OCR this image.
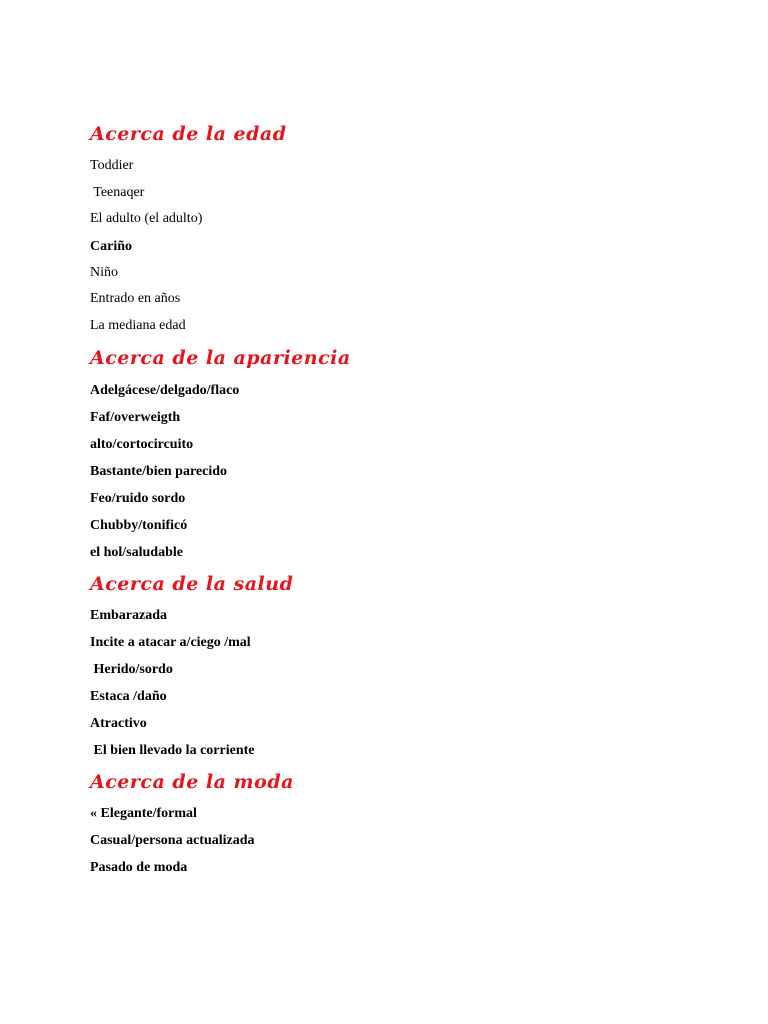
Acerca de la edad

Toddier

Teenaqer

El adulto (el adulto)

Cariño

Niño

Entrado en años

La mediana edad

Acerca de la apariencia

Adelgácese/delgado/flaco

Faf/overweigth

alto/cortocircuito

Bastante/bien parecido

Feo/ruido sordo

Chubby/tonificó

el hol/saludable

Acerca de la salud

Embarazada

Incite a atacar a/ciego /mal

Herido/sordo

Estaca /daño

Atractivo

El bien llevado la corriente

Acerca de la moda

« Elegante/formal

Casual/persona actualizada

Pasado de moda
